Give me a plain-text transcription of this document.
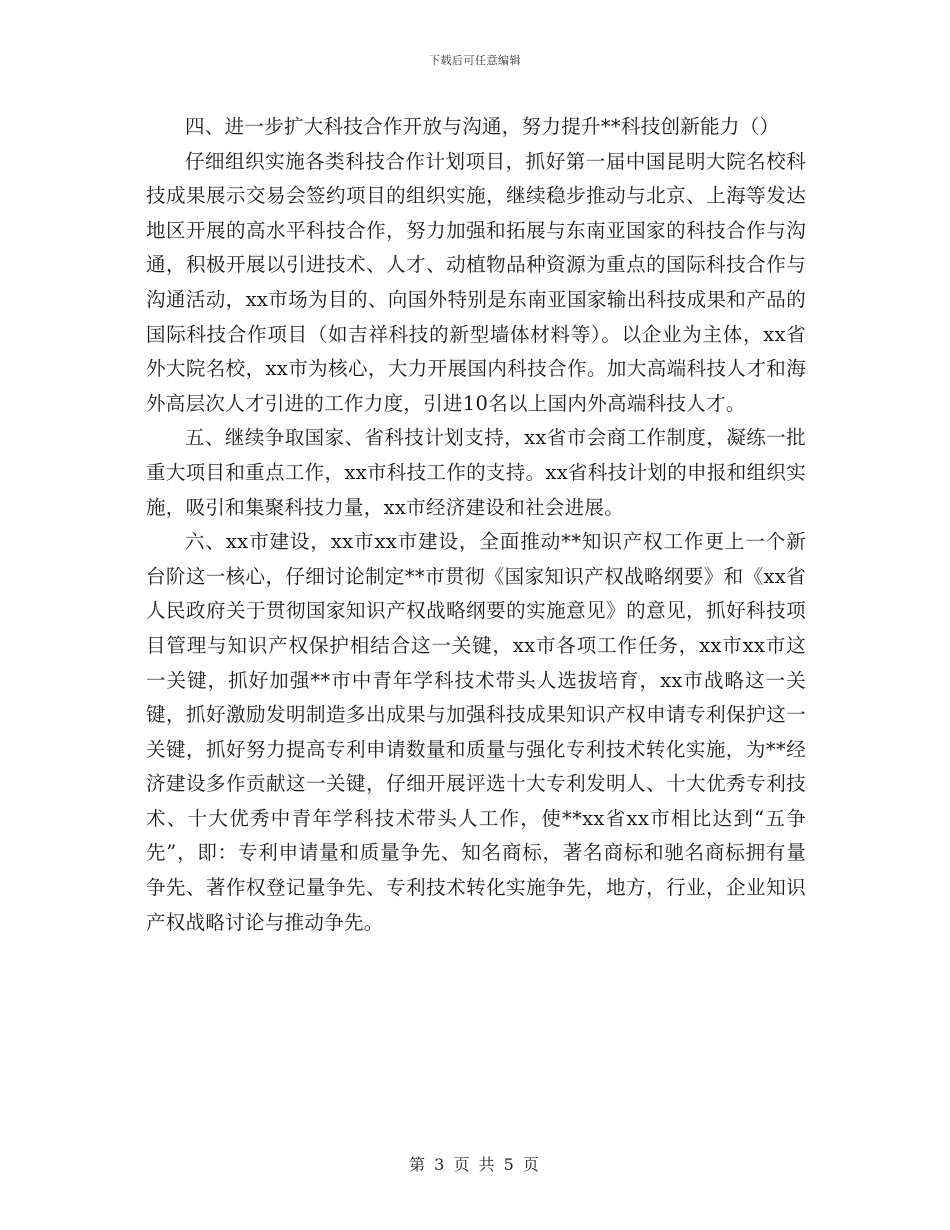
下载后可任意编辑

四、进一步扩大科技合作开放与沟通，努力提升**科技创新能力（）

仔细组织实施各类科技合作计划项目，抓好第一届中国昆明大院名校科技成果展示交易会签约项目的组织实施，继续稳步推动与北京、上海等发达地区开展的高水平科技合作，努力加强和拓展与东南亚国家的科技合作与沟通，积极开展以引进技术、人才、动植物品种资源为重点的国际科技合作与沟通活动，xx市场为目的、向国外特别是东南亚国家输出科技成果和产品的国际科技合作项目（如吉祥科技的新型墙体材料等）。以企业为主体，xx省外大院名校，xx市为核心，大力开展国内科技合作。加大高端科技人才和海外高层次人才引进的工作力度，引进10名以上国内外高端科技人才。

五、继续争取国家、省科技计划支持，xx省市会商工作制度，凝练一批重大项目和重点工作，xx市科技工作的支持。xx省科技计划的申报和组织实施，吸引和集聚科技力量，xx市经济建设和社会进展。

六、xx市建设，xx市xx市建设，全面推动**知识产权工作更上一个新台阶这一核心，仔细讨论制定**市贯彻《国家知识产权战略纲要》和《xx省人民政府关于贯彻国家知识产权战略纲要的实施意见》的意见，抓好科技项目管理与知识产权保护相结合这一关键，xx市各项工作任务，xx市xx市这一关键，抓好加强**市中青年学科技术带头人选拔培育，xx市战略这一关键，抓好激励发明制造多出成果与加强科技成果知识产权申请专利保护这一关键，抓好努力提高专利申请数量和质量与强化专利技术转化实施，为**经济建设多作贡献这一关键，仔细开展评选十大专利发明人、十大优秀专利技术、十大优秀中青年学科技术带头人工作，使**xx省xx市相比达到“五争先”，即：专利申请量和质量争先、知名商标，著名商标和驰名商标拥有量争先、著作权登记量争先、专利技术转化实施争先，地方，行业，企业知识产权战略讨论与推动争先。

第 3 页 共 5 页
